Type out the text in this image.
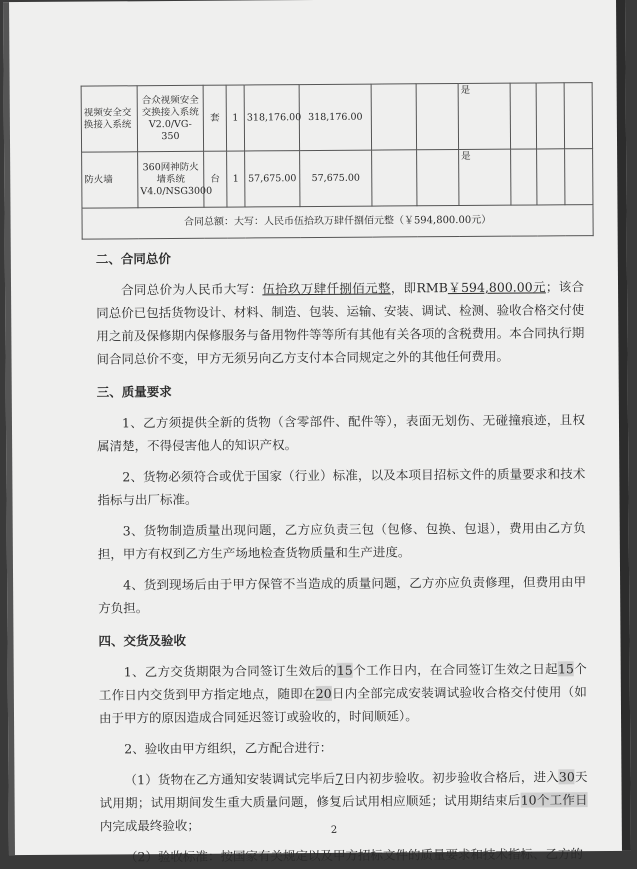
视频安全交换接入系统	合众视频安全交换接入系统V2.0/VG-350	套	1	318,176.00	318,176.00			是			
防火墙	360网神防火墙系统V4.0/NSG3000	台	1	57,675.00	57,675.00			是			
合同总额：大写：人民币伍拾玖万肆仟捌佰元整（￥594,800.00元）											

二、合同总价

合同总价为人民币大写：伍拾玖万肆仟捌佰元整，即RMB￥594,800.00元；该合同总价已包括货物设计、材料、制造、包装、运输、安装、调试、检测、验收合格交付使用之前及保修期内保修服务与备用物件等等所有其他有关各项的含税费用。本合同执行期间合同总价不变，甲方无须另向乙方支付本合同规定之外的其他任何费用。

三、质量要求

1、乙方须提供全新的货物（含零部件、配件等），表面无划伤、无碰撞痕迹，且权属清楚，不得侵害他人的知识产权。

2、货物必须符合或优于国家（行业）标准，以及本项目招标文件的质量要求和技术指标与出厂标准。

3、货物制造质量出现问题，乙方应负责三包（包修、包换、包退），费用由乙方负担，甲方有权到乙方生产场地检查货物质量和生产进度。

4、货到现场后由于甲方保管不当造成的质量问题，乙方亦应负责修理，但费用由甲方负担。

四、交货及验收

1、乙方交货期限为合同签订生效后的15个工作日内，在合同签订生效之日起15个工作日内交货到甲方指定地点，随即在20日内全部完成安装调试验收合格交付使用（如由于甲方的原因造成合同延迟签订或验收的，时间顺延）。

2、验收由甲方组织，乙方配合进行：

（1）货物在乙方通知安装调试完毕后7日内初步验收。初步验收合格后，进入30天试用期；试用期间发生重大质量问题，修复后试用相应顺延；试用期结束后10个工作日内完成最终验收；

（2）验收标准：按国家有关规定以及甲方招标文件的质量要求和技术指标、乙方的

2
